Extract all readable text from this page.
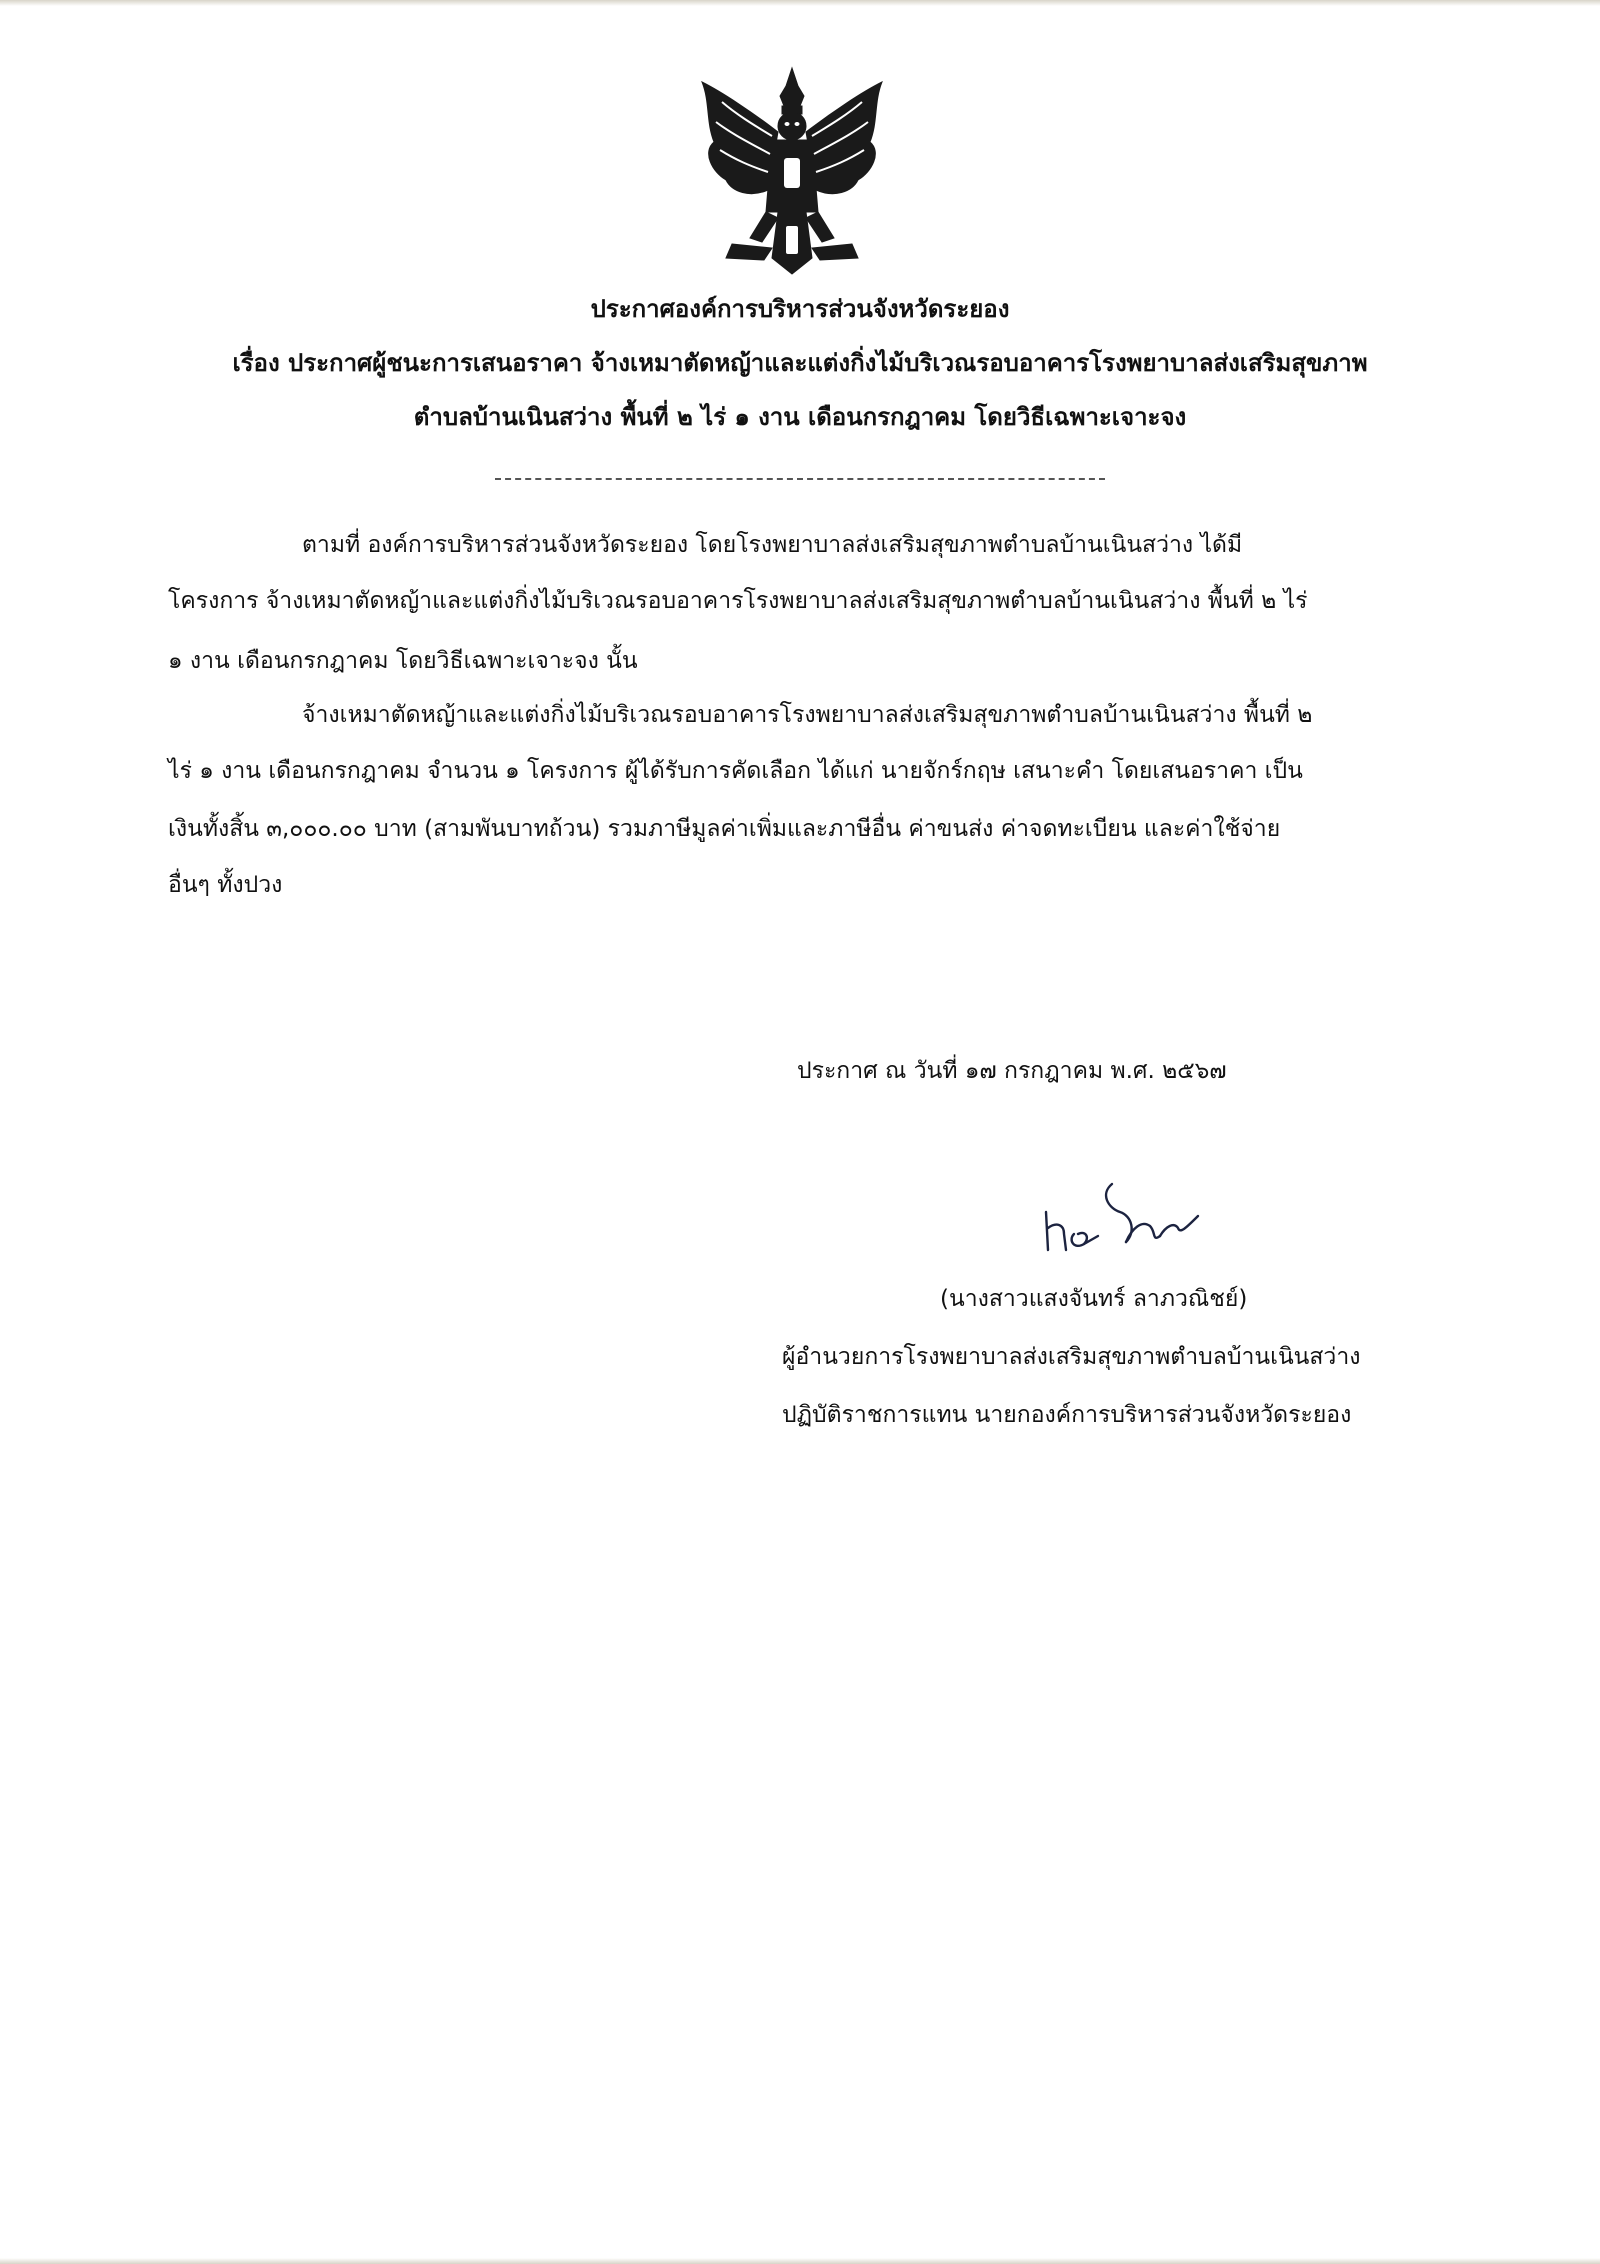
ประกาศองค์การบริหารส่วนจังหวัดระยอง
เรื่อง ประกาศผู้ชนะการเสนอราคา จ้างเหมาตัดหญ้าและแต่งกิ่งไม้บริเวณรอบอาคารโรงพยาบาลส่งเสริมสุขภาพ
ตำบลบ้านเนินสว่าง พื้นที่ ๒ ไร่ ๑ งาน เดือนกรกฎาคม โดยวิธีเฉพาะเจาะจง
ตามที่ องค์การบริหารส่วนจังหวัดระยอง โดยโรงพยาบาลส่งเสริมสุขภาพตำบลบ้านเนินสว่าง ได้มี
โครงการ จ้างเหมาตัดหญ้าและแต่งกิ่งไม้บริเวณรอบอาคารโรงพยาบาลส่งเสริมสุขภาพตำบลบ้านเนินสว่าง พื้นที่ ๒ ไร่
๑ งาน เดือนกรกฎาคม โดยวิธีเฉพาะเจาะจง นั้น
จ้างเหมาตัดหญ้าและแต่งกิ่งไม้บริเวณรอบอาคารโรงพยาบาลส่งเสริมสุขภาพตำบลบ้านเนินสว่าง พื้นที่ ๒
ไร่ ๑ งาน เดือนกรกฎาคม จำนวน ๑ โครงการ ผู้ได้รับการคัดเลือก ได้แก่ นายจักร์กฤษ เสนาะคำ โดยเสนอราคา เป็น
เงินทั้งสิ้น ๓,๐๐๐.๐๐ บาท (สามพันบาทถ้วน) รวมภาษีมูลค่าเพิ่มและภาษีอื่น ค่าขนส่ง ค่าจดทะเบียน และค่าใช้จ่าย
อื่นๆ ทั้งปวง
ประกาศ ณ วันที่ ๑๗ กรกฎาคม พ.ศ. ๒๕๖๗
(นางสาวแสงจันทร์ ลาภวณิชย์)
ผู้อำนวยการโรงพยาบาลส่งเสริมสุขภาพตำบลบ้านเนินสว่าง
ปฏิบัติราชการแทน นายกองค์การบริหารส่วนจังหวัดระยอง
